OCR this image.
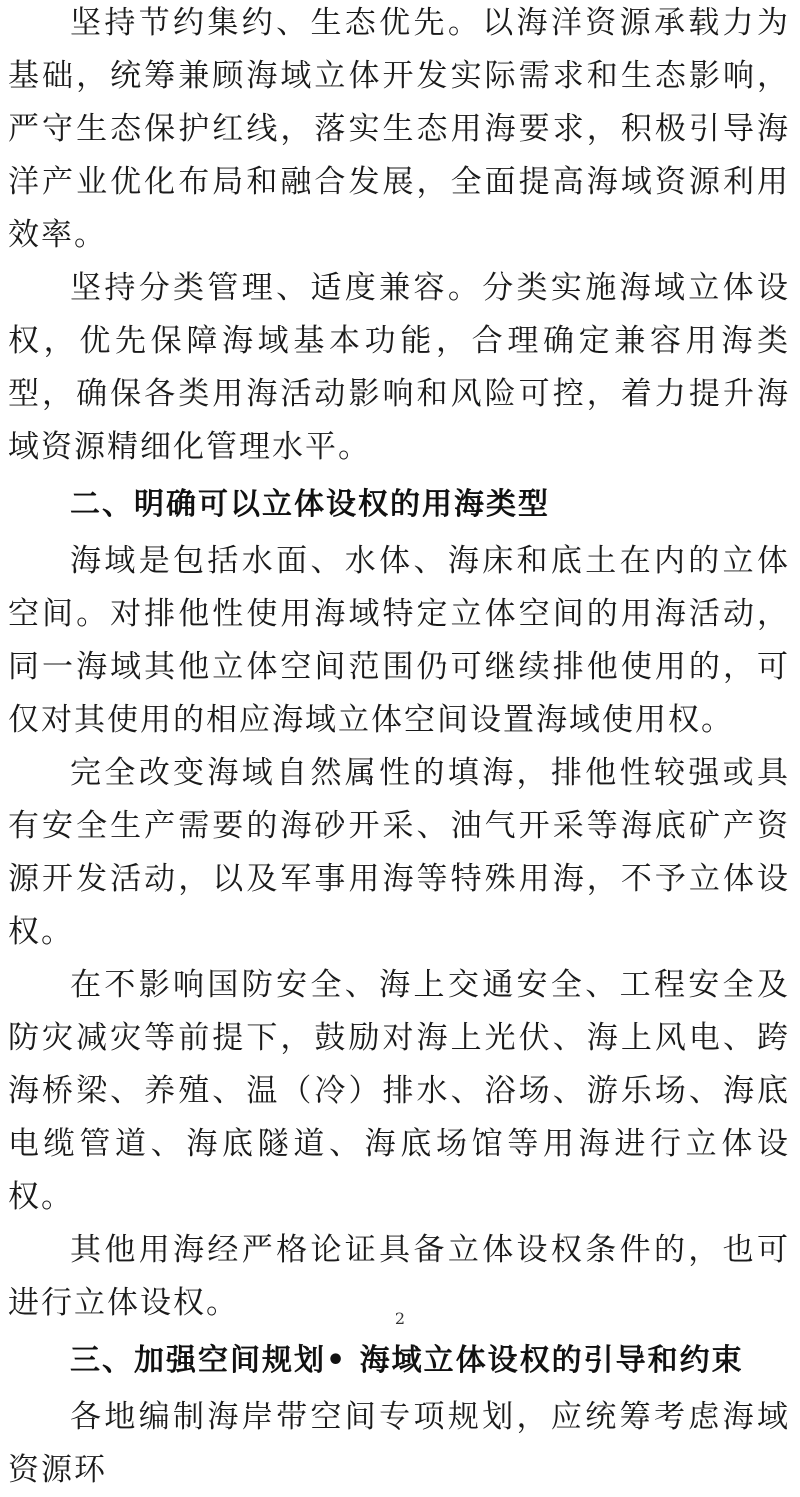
坚持节约集约、生态优先。以海洋资源承载力为基础，统筹兼顾海域立体开发实际需求和生态影响，严守生态保护红线，落实生态用海要求，积极引导海洋产业优化布局和融合发展，全面提高海域资源利用效率。

坚持分类管理、适度兼容。分类实施海域立体设权，优先保障海域基本功能，合理确定兼容用海类型，确保各类用海活动影响和风险可控，着力提升海域资源精细化管理水平。

二、明确可以立体设权的用海类型

海域是包括水面、水体、海床和底土在内的立体空间。对排他性使用海域特定立体空间的用海活动，同一海域其他立体空间范围仍可继续排他使用的，可仅对其使用的相应海域立体空间设置海域使用权。

完全改变海域自然属性的填海，排他性较强或具有安全生产需要的海砂开采、油气开采等海底矿产资源开发活动，以及军事用海等特殊用海，不予立体设权。

在不影响国防安全、海上交通安全、工程安全及防灾减灾等前提下，鼓励对海上光伏、海上风电、跨海桥梁、养殖、温（冷）排水、浴场、游乐场、海底电缆管道、海底隧道、海底场馆等用海进行立体设权。

其他用海经严格论证具备立体设权条件的，也可进行立体设权。

三、加强空间规划• 海域立体设权的引导和约束

各地编制海岸带空间专项规划，应统筹考虑海域资源环

2
